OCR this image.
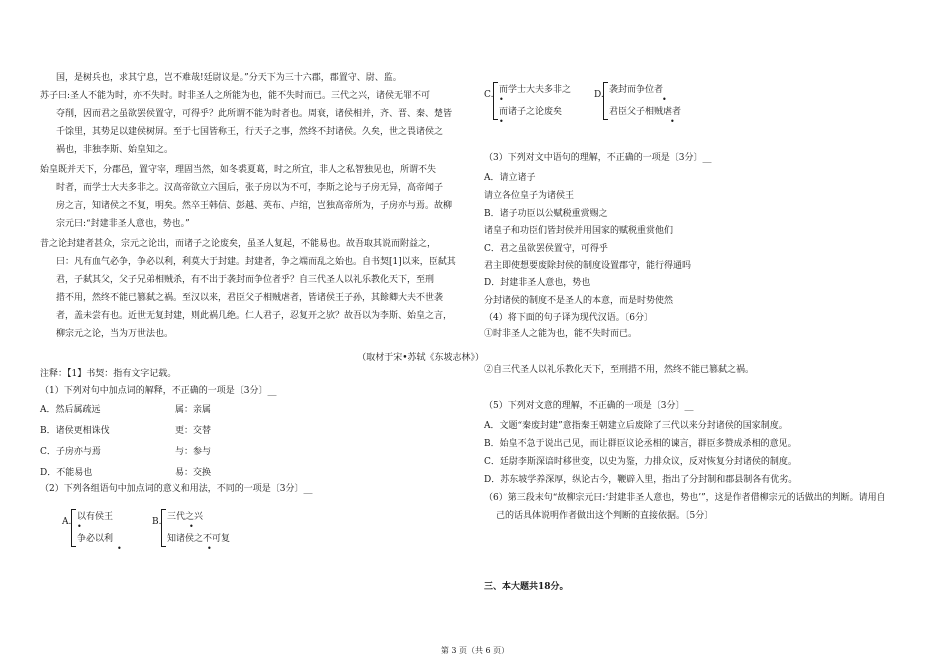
国，是树兵也，求其宁息，岂不难哉!廷尉议是。”分天下为三十六郡，郡置守、尉、监。
苏子曰:圣人不能为时，亦不失时。时非圣人之所能为也，能不失时而已。三代之兴，诸侯无罪不可
夺削，因而君之虽欲罢侯置守，可得乎？此所谓不能为时者也。周衰，诸侯相并，齐、晋、秦、楚皆
千馀里，其势足以建侯树屏。至于七国皆称王，行天子之事，然终不封诸侯。久矣，世之畏诸侯之
祸也，非独李斯、始皇知之。
始皇既并天下，分郡邑，置守宰，理固当然，如冬裘夏葛，时之所宜，非人之私智独见也，所谓不失
时者，而学士大夫多非之。汉高帝欲立六国后，张子房以为不可，李斯之论与子房无异，高帝闻子
房之言，知诸侯之不复，明矣。然卒王韩信、彭越、英布、卢绾，岂独高帝所为，子房亦与焉。故柳
宗元曰:“封建非圣人意也，势也。”
昔之论封建者甚众，宗元之论出，而诸子之论废矣，虽圣人复起，不能易也。故吾取其说而附益之，
曰：凡有血气必争，争必以利，利莫大于封建。封建者，争之端而乱之始也。自书契[1]以来，臣弑其
君，子弑其父，父子兄弟相贼杀，有不出于袭封而争位者乎？自三代圣人以礼乐教化天下，至刑
措不用，然终不能已篡弑之祸。至汉以来，君臣父子相贼虐者，皆诸侯王子孙，其餘卿大夫不世袭
者，盖未尝有也。近世无复封建，则此祸几绝。仁人君子，忍复开之欤？故吾以为李斯、始皇之言，
柳宗元之论，当为万世法也。
（取材于宋•苏轼《东坡志林》）
注释：【1】书契：指有文字记载。
（1）下列对句中加点词的解释，不正确的一项是〔3分〕__
A．然后属疏远	属：亲属
B．诸侯更相诛伐	更：交替
C．子房亦与焉	与：参与
D．不能易也	易：交换
（2）下列各组语句中加点词的意义和用法，不同的一项是〔3分〕__
A. 以有侯王
•
争必以利
•
B. 三代之兴
•
知诸侯之不可复
•
C. 而学士大夫多非之
•
而诸子之论废矣
•
D. 袭封而争位者
•
君臣父子相贼虐者
•
（3）下列对文中语句的理解，不正确的一项是〔3分〕__
A．请立诸子
请立各位皇子为诸侯王
B．诸子功臣以公赋税重赏赐之
诸皇子和功臣们皆封侯并用国家的赋税重赏他们
C．君之虽欲罢侯置守，可得乎
君主即使想要废除封侯的制度设置郡守，能行得通吗
D．封建非圣人意也，势也
分封诸侯的制度不是圣人的本意，而是时势使然
（4）将下面的句子译为现代汉语。〔6分〕
①时非圣人之能为也，能不失时而已。
②自三代圣人以礼乐教化天下，至刑措不用，然终不能已篡弑之祸。
（5）下列对文意的理解，不正确的一项是〔3分〕__
A．文题“秦废封建”意指秦王朝建立后废除了三代以来分封诸侯的国家制度。
B．始皇不急于说出己见，而让群臣议论丞相的谏言，群臣多赞成杀相的意见。
C．廷尉李斯深谙时移世变，以史为鉴，力排众议，反对恢复分封诸侯的制度。
D．苏东坡学养深厚，纵论古今，鞭辟入里，指出了分封制和郡县制各有优劣。
（6）第三段末句“故柳宗元曰:‘封建非圣人意也，势也’”，这是作者借柳宗元的话做出的判断。请用自
己的话具体说明作者做出这个判断的直接依据。〔5分〕
三、本大题共18分。
第 3 页（共 6 页）
